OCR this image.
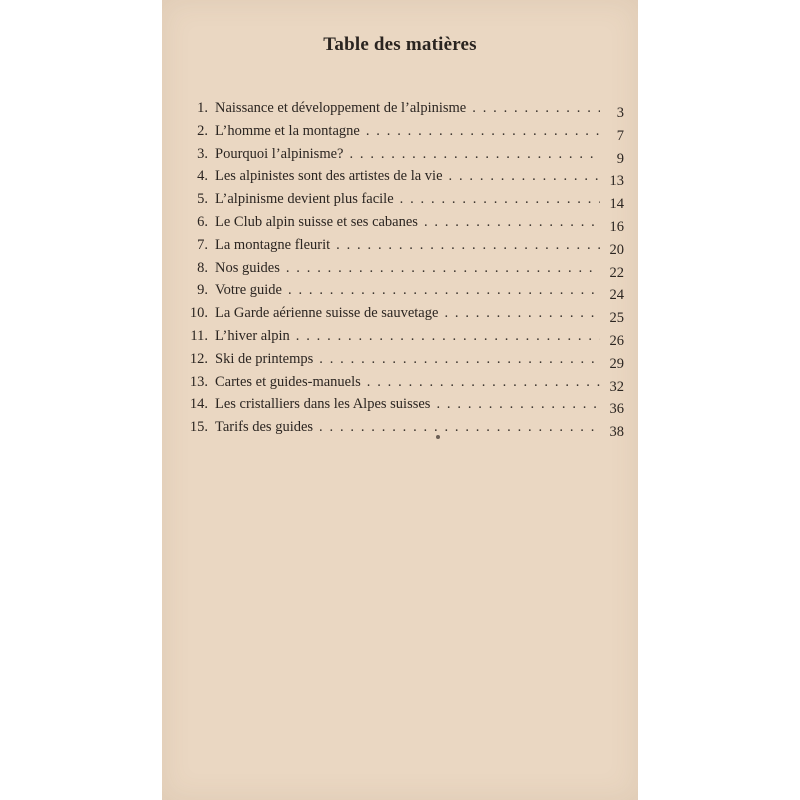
Table des matières
1. Naissance et développement de l’alpinisme . . .	3
2. L’homme et la montagne . . .	7
3. Pourquoi l’alpinisme? . . .	9
4. Les alpinistes sont des artistes de la vie . . .	13
5. L’alpinisme devient plus facile . . .	14
6. Le Club alpin suisse et ses cabanes . . .	16
7. La montagne fleurit . . .	20
8. Nos guides . . .	22
9. Votre guide . . .	24
10. La Garde aérienne suisse de sauvetage . . .	25
11. L’hiver alpin . . .	26
12. Ski de printemps . . .	29
13. Cartes et guides-manuels . . .	32
14. Les cristalliers dans les Alpes suisses . . .	36
15. Tarifs des guides . . .	38
